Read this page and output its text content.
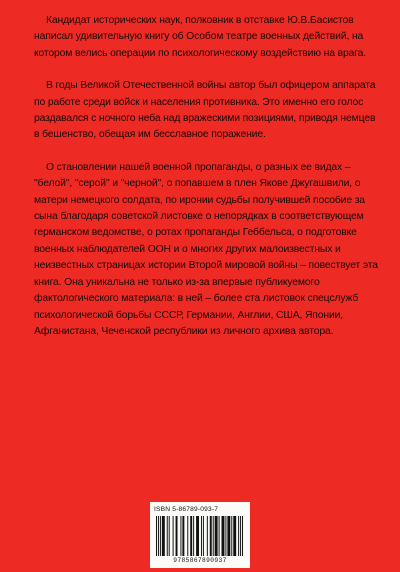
Кандидат исторических наук, полковник в отставке Ю.В.Басистов написал удивительную книгу об Особом театре военных действий, на котором велись операции по психологическому воздействию на врага.

В годы Великой Отечественной войны автор был офицером аппарата по работе среди войск и населения противника. Это именно его голос раздавался с ночного неба над вражескими позициями, приводя немцев в бешенство, обещая им бесславное поражение.

О становлении нашей военной пропаганды, о разных ее видах – "белой", "серой" и "черной", о попавшем в плен Якове Джугашвили, о матери немецкого солдата, по иронии судьбы получившей пособие за сына благодаря советской листовке о непорядках в соответствующем германском ведомстве, о ротах пропаганды Геббельса, о подготовке военных наблюдателей ООН и о многих других малоизвестных и неизвестных страницах истории Второй мировой войны – повествует эта книга. Она уникальна не только из-за впервые публикуемого фактологического материала: в ней – более ста листовок спецслужб психологической борьбы СССР, Германии, Англии, США, Японии, Афганистана, Чеченской республики из личного архива автора.

ISBN 5-86789-093-7
9785867890937
